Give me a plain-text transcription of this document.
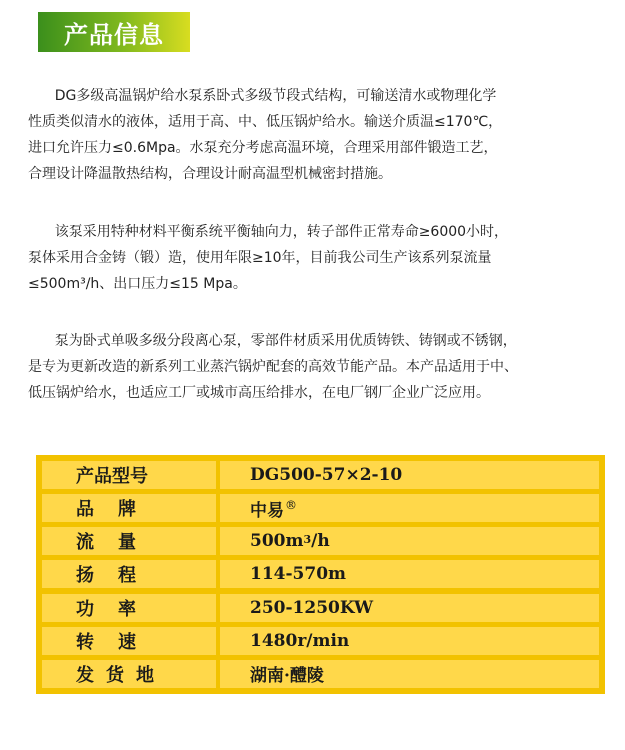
产品信息
DG多级高温锅炉给水泵系卧式多级节段式结构，可输送清水或物理化学
性质类似清水的液体，适用于高、中、低压锅炉给水。输送介质温≤170℃，
进口允许压力≤0.6Mpa。水泵充分考虑高温环境，合理采用部件锻造工艺，
合理设计降温散热结构，合理设计耐高温型机械密封措施。
该泵采用特种材料平衡系统平衡轴向力，转子部件正常寿命≥6000小时，
泵体采用合金铸（锻）造，使用年限≥10年，目前我公司生产该系列泵流量
≤500m³/h、出口压力≤15 Mpa。
泵为卧式单吸多级分段离心泵，零部件材质采用优质铸铁、铸钢或不锈钢，
是专为更新改造的新系列工业蒸汽锅炉配套的高效节能产品。本产品适用于中、
低压锅炉给水，也适应工厂或城市高压给排水，在电厂钢厂企业广泛应用。
产品型号	DG500-57×2-10
品牌	中易 ®
流量	500m 3 /h
扬程	114-570m
功率	250-1250KW
转速	1480r/min
发货地	湖南·醴陵
